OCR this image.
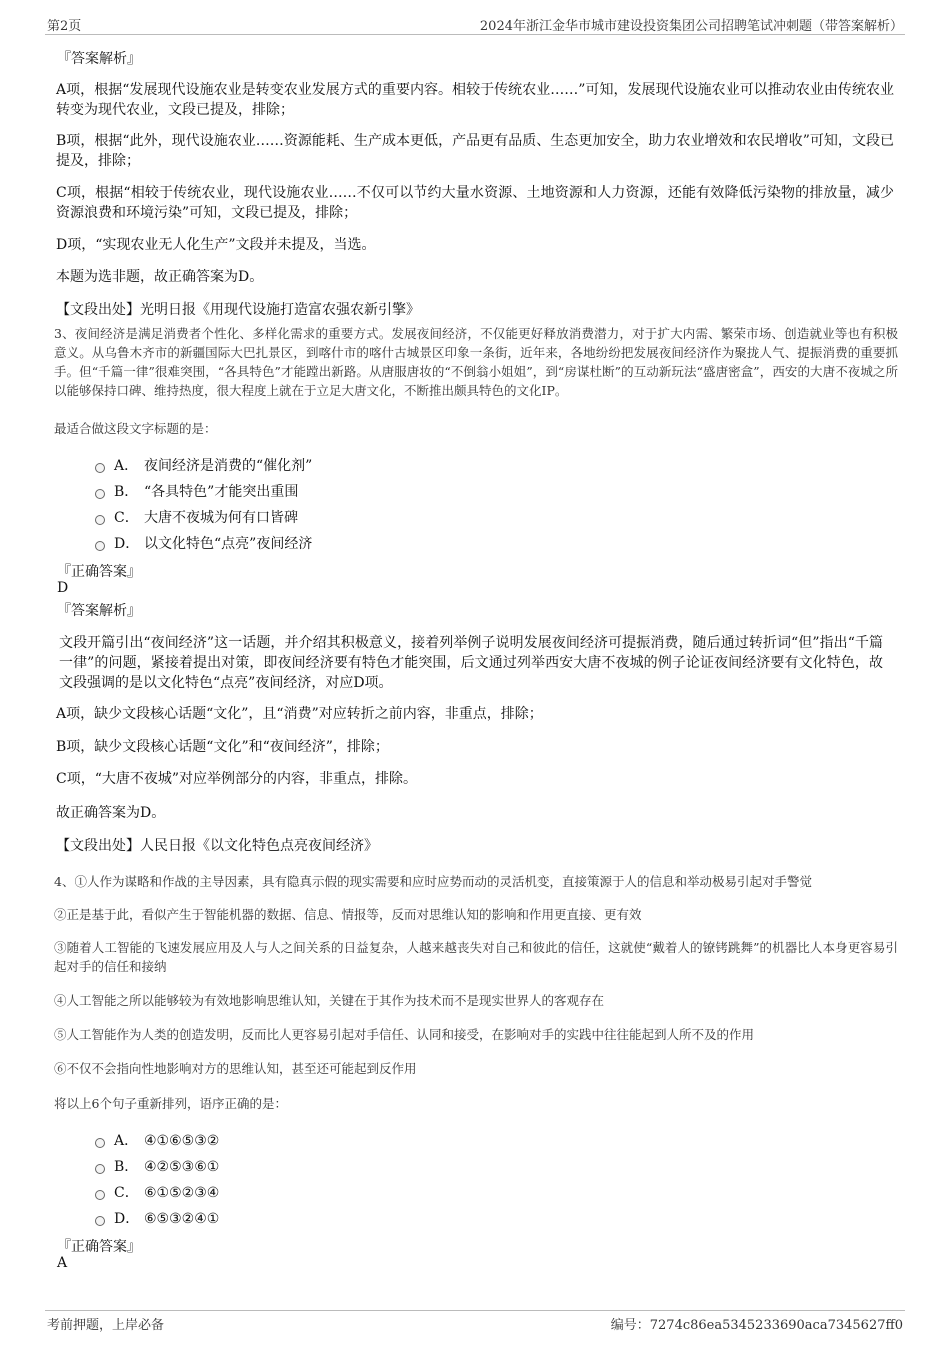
第2页	2024年浙江金华市城市建设投资集团公司招聘笔试冲刺题（带答案解析）
『答案解析』
A项，根据“发展现代设施农业是转变农业发展方式的重要内容。相较于传统农业……”可知，发展现代设施农业可以推动农业由传统农业转变为现代农业，文段已提及，排除；
B项，根据“此外，现代设施农业……资源能耗、生产成本更低，产品更有品质、生态更加安全，助力农业增效和农民增收”可知，文段已提及，排除；
C项，根据“相较于传统农业，现代设施农业……不仅可以节约大量水资源、土地资源和人力资源，还能有效降低污染物的排放量，减少资源浪费和环境污染”可知，文段已提及，排除；
D项，“实现农业无人化生产”文段并未提及，当选。
本题为选非题，故正确答案为D。
【文段出处】光明日报《用现代设施打造富农强农新引擎》
3、夜间经济是满足消费者个性化、多样化需求的重要方式。发展夜间经济，不仅能更好释放消费潜力，对于扩大内需、繁荣市场、创造就业等也有积极意义。从乌鲁木齐市的新疆国际大巴扎景区，到喀什市的喀什古城景区印象一条街，近年来，各地纷纷把发展夜间经济作为聚拢人气、提振消费的重要抓手。但“千篇一律”很难突围，“各具特色”才能蹚出新路。从唐服唐妆的“不倒翁小姐姐”，到“房谋杜断”的互动新玩法“盛唐密盒”，西安的大唐不夜城之所以能够保持口碑、维持热度，很大程度上就在于立足大唐文化，不断推出颇具特色的文化IP。
最适合做这段文字标题的是：
A． 夜间经济是消费的“催化剂”
B． “各具特色”才能突出重围
C． 大唐不夜城为何有口皆碑
D． 以文化特色“点亮”夜间经济
『正确答案』
D
『答案解析』
文段开篇引出“夜间经济”这一话题，并介绍其积极意义，接着列举例子说明发展夜间经济可提振消费，随后通过转折词“但”指出“千篇一律”的问题，紧接着提出对策，即夜间经济要有特色才能突围，后文通过列举西安大唐不夜城的例子论证夜间经济要有文化特色，故文段强调的是以文化特色“点亮”夜间经济，对应D项。
A项，缺少文段核心话题“文化”，且“消费”对应转折之前内容，非重点，排除；
B项，缺少文段核心话题“文化”和“夜间经济”，排除；
C项，“大唐不夜城”对应举例部分的内容，非重点，排除。
故正确答案为D。
【文段出处】人民日报《以文化特色点亮夜间经济》
4、①人作为谋略和作战的主导因素，具有隐真示假的现实需要和应时应势而动的灵活机变，直接策源于人的信息和举动极易引起对手警觉
②正是基于此，看似产生于智能机器的数据、信息、情报等，反而对思维认知的影响和作用更直接、更有效
③随着人工智能的飞速发展应用及人与人之间关系的日益复杂，人越来越丧失对自己和彼此的信任，这就使“戴着人的镣铐跳舞”的机器比人本身更容易引起对手的信任和接纳
④人工智能之所以能够较为有效地影响思维认知，关键在于其作为技术而不是现实世界人的客观存在
⑤人工智能作为人类的创造发明，反而比人更容易引起对手信任、认同和接受，在影响对手的实践中往往能起到人所不及的作用
⑥不仅不会指向性地影响对方的思维认知，甚至还可能起到反作用
将以上6个句子重新排列，语序正确的是：
A． ④①⑥⑤③②
B． ④②⑤③⑥①
C． ⑥①⑤②③④
D． ⑥⑤③②④①
『正确答案』
A
考前押题，上岸必备	编号：7274c86ea5345233690aca7345627ff0
